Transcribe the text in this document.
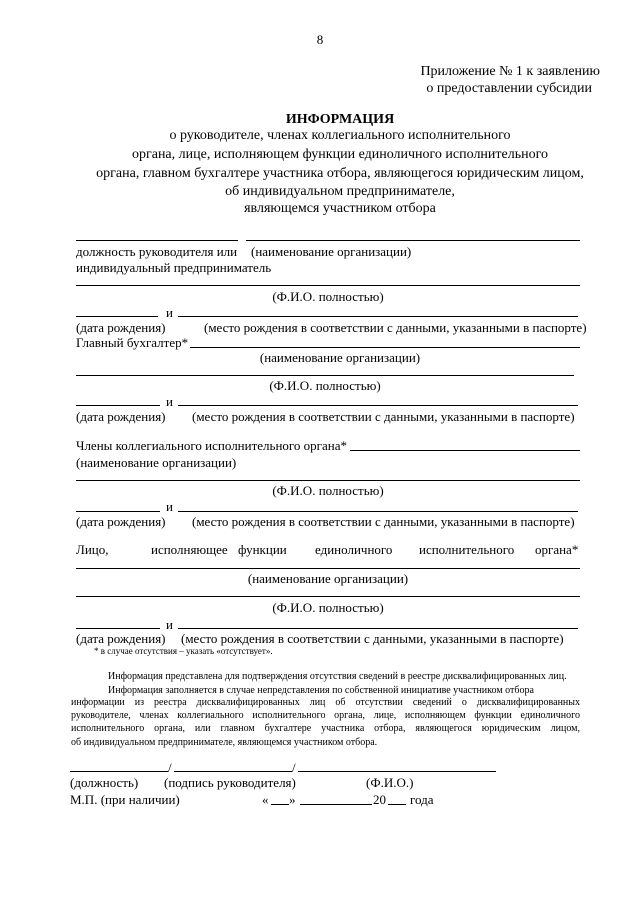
8
Приложение № 1 к заявлению
о предоставлении субсидии
ИНФОРМАЦИЯ
о руководителе, членах коллегиального исполнительного
органа, лице, исполняющем функции единоличного исполнительного
органа, главном бухгалтере участника отбора, являющегося юридическим лицом,
об индивидуальном предпринимателе,
являющемся участником отбора
должность руководителя или (наименование организации)
индивидуальный предприниматель
(Ф.И.О. полностью)
и
(дата рождения)	(место рождения в соответствии с данными, указанными в паспорте)
Главный бухгалтер*
(наименование организации)
(Ф.И.О. полностью)
и
(дата рождения) (место рождения в соответствии с данными, указанными в паспорте)
Члены коллегиального исполнительного органа*
(наименование организации)
(Ф.И.О. полностью)
и
(дата рождения) (место рождения в соответствии с данными, указанными в паспорте)
Лицо,	исполняющее функции единоличного исполнительного органа*
(наименование организации)
(Ф.И.О. полностью)
и
(дата рождения) (место рождения в соответствии с данными, указанными в паспорте)
* в случае отсутствия – указать «отсутствует».
Информация представлена для подтверждения отсутствия сведений в реестре дисквалифицированных лиц.
Информация заполняется в случае непредставления по собственной инициативе участником отбора
информации из реестра дисквалифицированных лиц об отсутствии сведений о дисквалифицированных
руководителе, членах коллегиального исполнительного органа, лице, исполняющем функции единоличного
исполнительного органа, или главном бухгалтере участника отбора, являющегося юридическим лицом,
об индивидуальном предпринимателе, являющемся участником отбора.
/	/
(должность) (подпись руководителя)	(Ф.И.О.)
М.П. (при наличии)	« »	20 года
